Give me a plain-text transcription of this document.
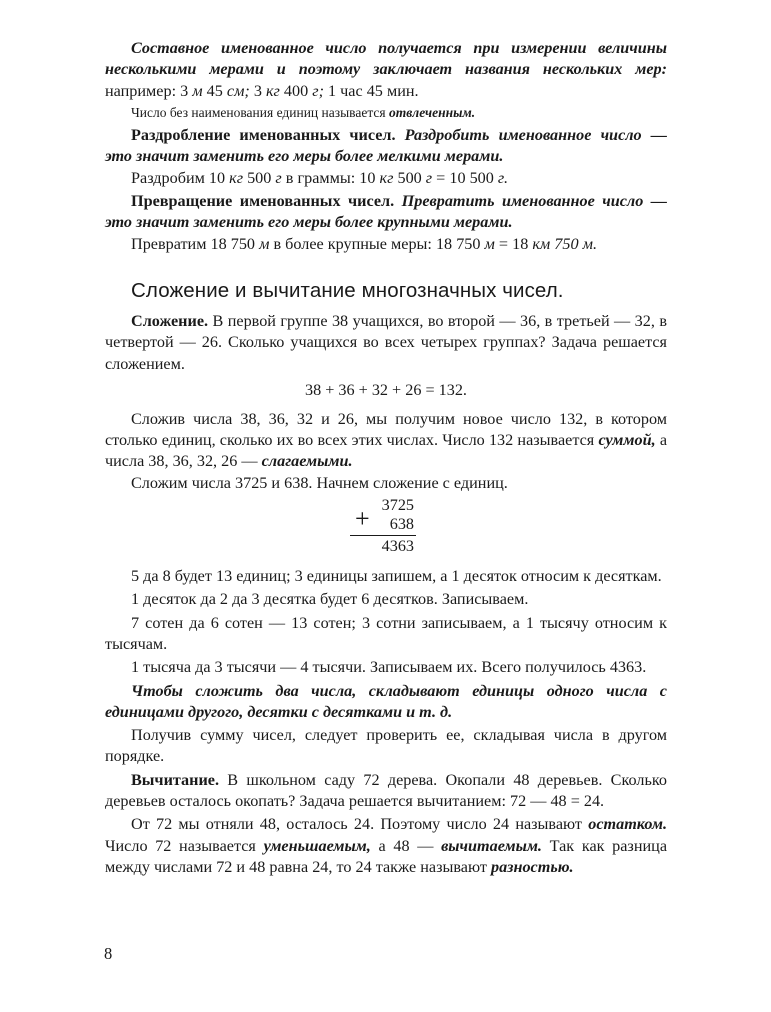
Составное именованное число получается при измерении величины несколькими мерами и поэтому заключает названия нескольких мер: например: 3 м 45 см; 3 кг 400 г; 1 час 45 мин.

Число без наименования единиц называется отвлеченным.

Раздробление именованных чисел. Раздробить именованное число — это значит заменить его меры более мелкими мерами.

Раздробим 10 кг 500 г в граммы: 10 кг 500 г = 10 500 г.

Превращение именованных чисел. Превратить именованное число — это значит заменить его меры более крупными мерами.

Превратим 18 750 м в более крупные меры: 18 750 м = 18 км 750 м.

Сложение и вычитание многозначных чисел.

Сложение. В первой группе 38 учащихся, во второй — 36, в третьей — 32, в четвертой — 26. Сколько учащихся во всех четырех группах? Задача решается сложением.

38 + 36 + 32 + 26 = 132.

Сложив числа 38, 36, 32 и 26, мы получим новое число 132, в котором столько единиц, сколько их во всех этих числах. Число 132 называется суммой, а числа 38, 36, 32, 26 — слагаемыми.

Сложим числа 3725 и 638. Начнем сложение с единиц.

+ 3725
638
4363

5 да 8 будет 13 единиц; 3 единицы запишем, а 1 десяток относим к десяткам.

1 десяток да 2 да 3 десятка будет 6 десятков. Записываем.

7 сотен да 6 сотен — 13 сотен; 3 сотни записываем, а 1 тысячу относим к тысячам.

1 тысяча да 3 тысячи — 4 тысячи. Записываем их. Всего получилось 4363.

Чтобы сложить два числа, складывают единицы одного числа с единицами другого, десятки с десятками и т. д.

Получив сумму чисел, следует проверить ее, складывая числа в другом порядке.

Вычитание. В школьном саду 72 дерева. Окопали 48 деревьев. Сколько деревьев осталось окопать? Задача решается вычитанием: 72 — 48 = 24.

От 72 мы отняли 48, осталось 24. Поэтому число 24 называют остатком. Число 72 называется уменьшаемым, а 48 — вычитаемым. Так как разница между числами 72 и 48 равна 24, то 24 также называют разностью.

8
